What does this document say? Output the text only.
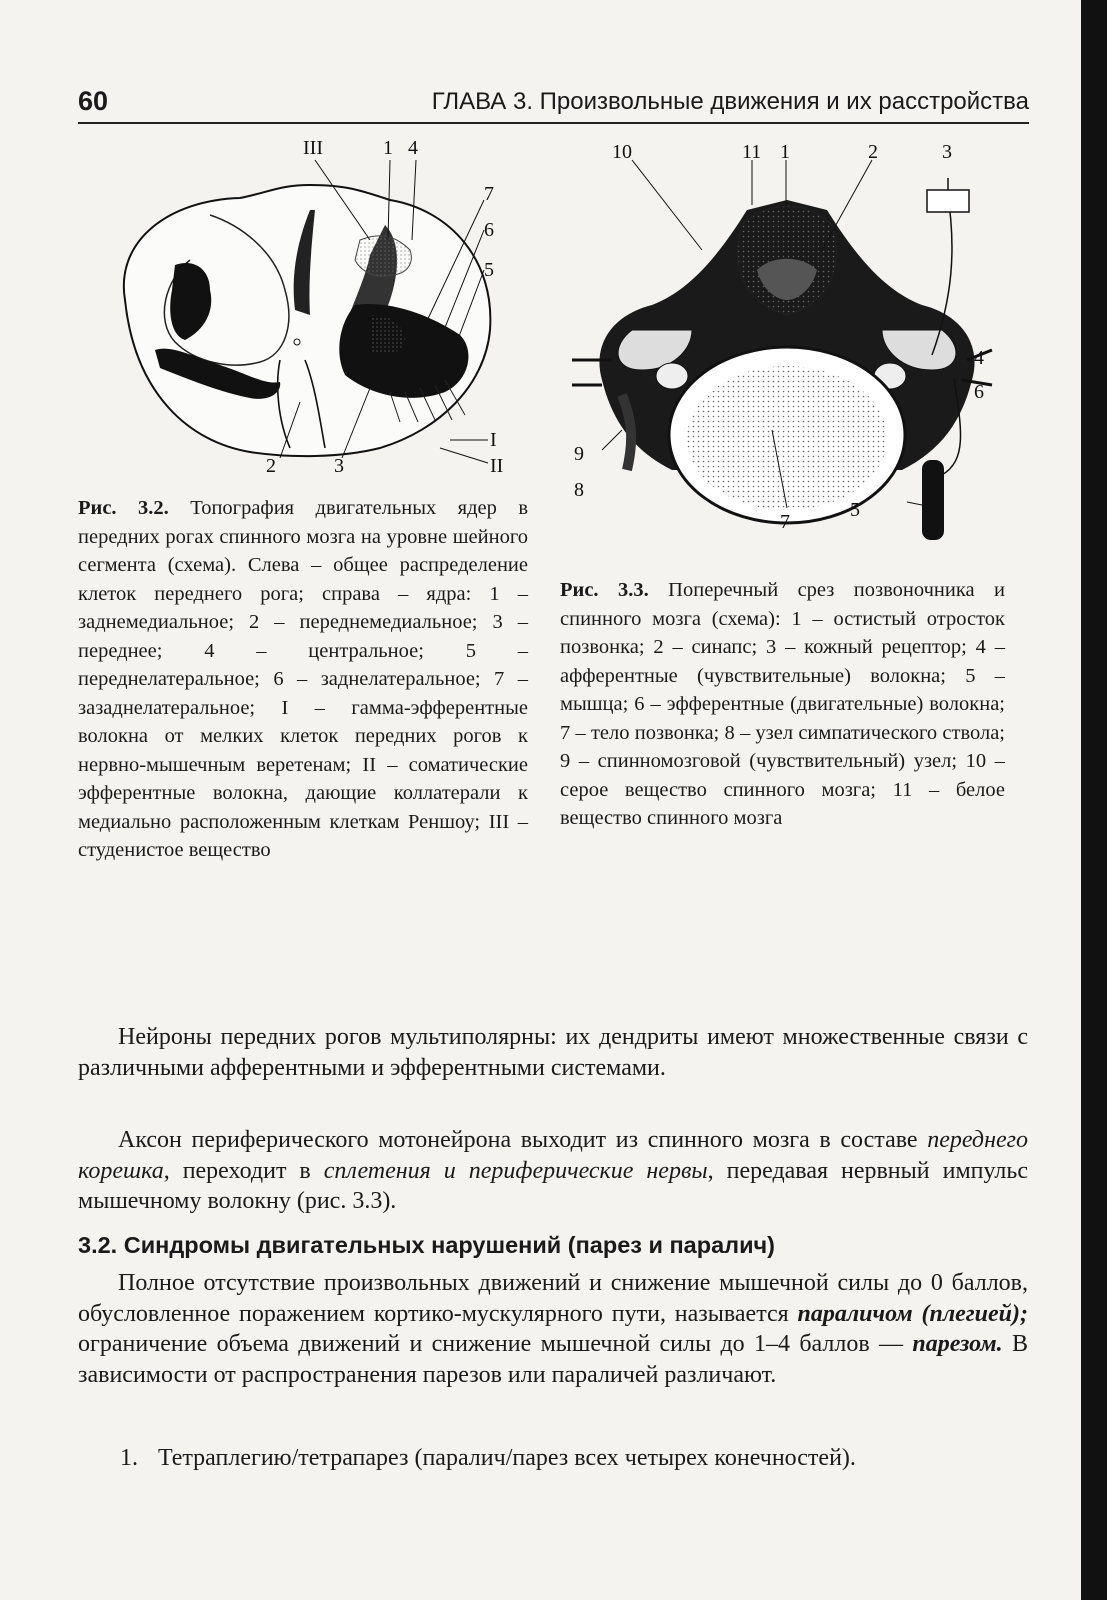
60	ГЛАВА 3. Произвольные движения и их расстройства
III	1 4
7
6
5
I
II
2	3
Рис. 3.2. Топография двигательных ядер в передних рогах спинного мозга на уровне шейного сегмента (схема). Слева – общее распределение клеток переднего рога; справа – ядра: 1 – заднемедиальное; 2 – переднемедиальное; 3 – переднее; 4 – центральное; 5 – переднелатеральное; 6 – заднелатеральное; 7 – зазаднелатеральное; I – гамма-эфферентные волокна от мелких клеток передних рогов к нервно-мышечным веретенам; II – соматические эфферентные волокна, дающие коллатерали к медиально расположенным клеткам Реншоу; III – студенистое вещество
10	11 1	2	3
4
6
9
8
7
5
Рис. 3.3. Поперечный срез позвоночника и спинного мозга (схема): 1 – остистый отросток позвонка; 2 – синапс; 3 – кожный рецептор; 4 – афферентные (чувствительные) волокна; 5 – мышца; 6 – эфферентные (двигательные) волокна; 7 – тело позвонка; 8 – узел симпатического ствола; 9 – спинномозговой (чувствительный) узел; 10 – серое вещество спинного мозга; 11 – белое вещество спинного мозга

Нейроны передних рогов мультиполярны: их дендриты имеют множественные связи с различными афферентными и эфферентными системами.

Аксон периферического мотонейрона выходит из спинного мозга в составе переднего корешка, переходит в сплетения и периферические нервы, передавая нервный импульс мышечному волокну (рис. 3.3).

3.2. Синдромы двигательных нарушений (парез и паралич)

Полное отсутствие произвольных движений и снижение мышечной силы до 0 баллов, обусловленное поражением кортико-мускулярного пути, называется параличом (плегией); ограничение объема движений и снижение мышечной силы до 1–4 баллов — парезом. В зависимости от распространения парезов или параличей различают.

1. Тетраплегию/тетрапарез (паралич/парез всех четырех конечностей).
